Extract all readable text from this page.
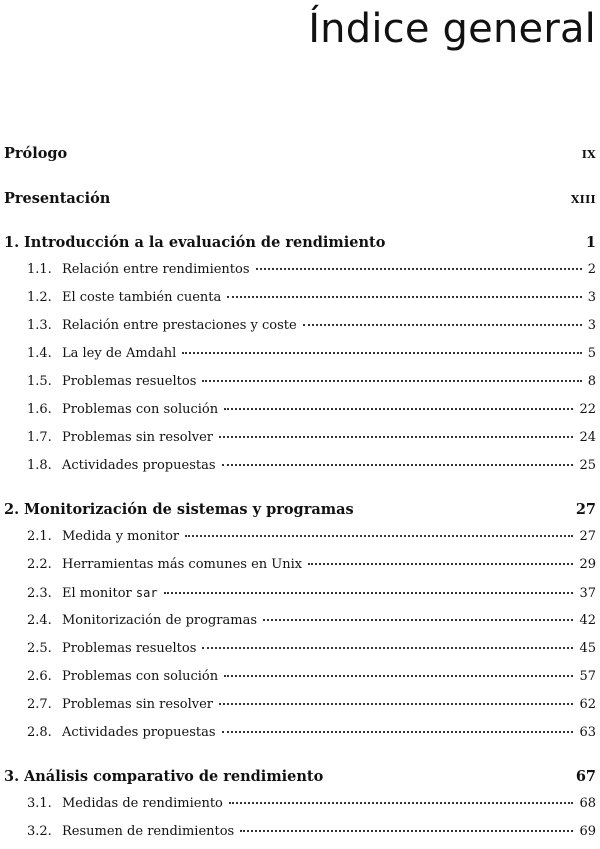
Índice general
Prólogo	IX
Presentación	XIII
1. Introducción a la evaluación de rendimiento	1
1.1. Relación entre rendimientos	2
1.2. El coste también cuenta	3
1.3. Relación entre prestaciones y coste	3
1.4. La ley de Amdahl	5
1.5. Problemas resueltos	8
1.6. Problemas con solución	22
1.7. Problemas sin resolver	24
1.8. Actividades propuestas	25
2. Monitorización de sistemas y programas	27
2.1. Medida y monitor	27
2.2. Herramientas más comunes en Unix	29
2.3. El monitor sar	37
2.4. Monitorización de programas	42
2.5. Problemas resueltos	45
2.6. Problemas con solución	57
2.7. Problemas sin resolver	62
2.8. Actividades propuestas	63
3. Análisis comparativo de rendimiento	67
3.1. Medidas de rendimiento	68
3.2. Resumen de rendimientos	69
